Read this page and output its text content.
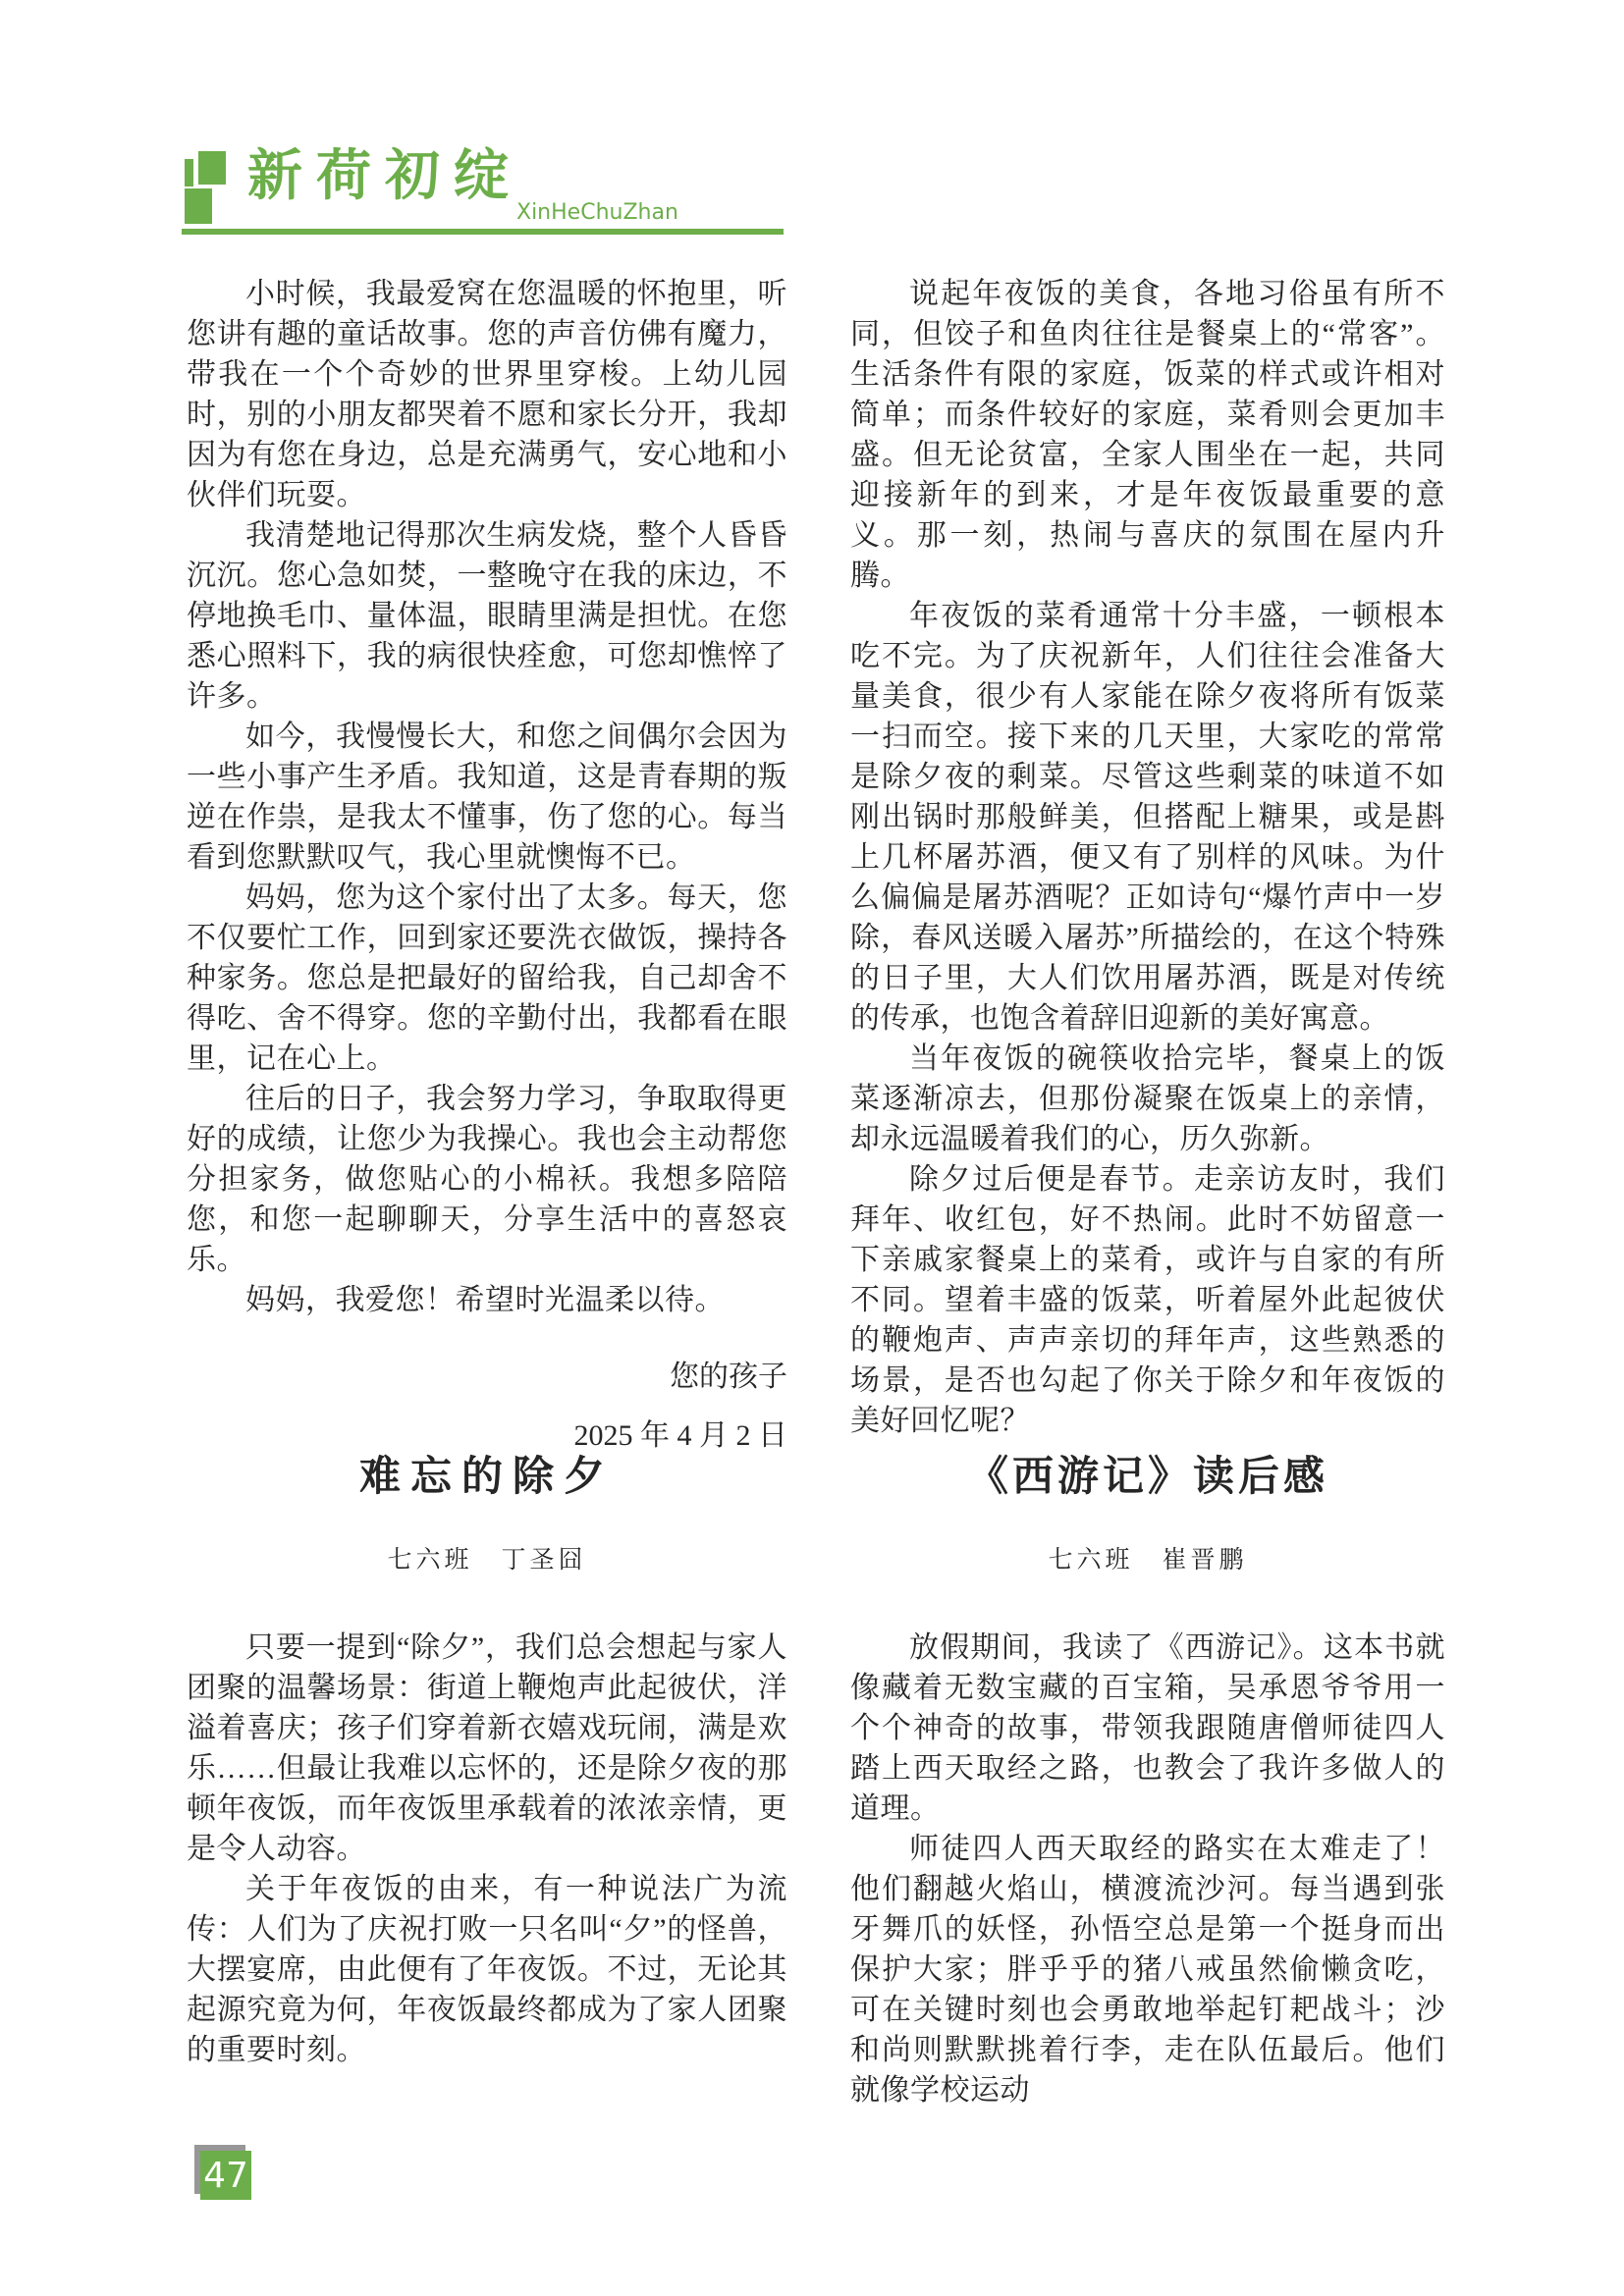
新荷初绽
XinHeChuZhan

小时候，我最爱窝在您温暖的怀抱里，听您讲有趣的童话故事。您的声音仿佛有魔力，带我在一个个奇妙的世界里穿梭。上幼儿园时，别的小朋友都哭着不愿和家长分开，我却因为有您在身边，总是充满勇气，安心地和小伙伴们玩耍。

我清楚地记得那次生病发烧，整个人昏昏沉沉。您心急如焚，一整晚守在我的床边，不停地换毛巾、量体温，眼睛里满是担忧。在您悉心照料下，我的病很快痊愈，可您却憔悴了许多。

如今，我慢慢长大，和您之间偶尔会因为一些小事产生矛盾。我知道，这是青春期的叛逆在作祟，是我太不懂事，伤了您的心。每当看到您默默叹气，我心里就懊悔不已。

妈妈，您为这个家付出了太多。每天，您不仅要忙工作，回到家还要洗衣做饭，操持各种家务。您总是把最好的留给我，自己却舍不得吃、舍不得穿。您的辛勤付出，我都看在眼里，记在心上。

往后的日子，我会努力学习，争取取得更好的成绩，让您少为我操心。我也会主动帮您分担家务，做您贴心的小棉袄。我想多陪陪您，和您一起聊聊天，分享生活中的喜怒哀乐。

妈妈，我爱您！希望时光温柔以待。

您的孩子
2025 年 4 月 2 日

说起年夜饭的美食，各地习俗虽有所不同，但饺子和鱼肉往往是餐桌上的“常客”。生活条件有限的家庭，饭菜的样式或许相对简单；而条件较好的家庭，菜肴则会更加丰盛。但无论贫富，全家人围坐在一起，共同迎接新年的到来，才是年夜饭最重要的意义。那一刻，热闹与喜庆的氛围在屋内升腾。

年夜饭的菜肴通常十分丰盛，一顿根本吃不完。为了庆祝新年，人们往往会准备大量美食，很少有人家能在除夕夜将所有饭菜一扫而空。接下来的几天里，大家吃的常常是除夕夜的剩菜。尽管这些剩菜的味道不如刚出锅时那般鲜美，但搭配上糖果，或是斟上几杯屠苏酒，便又有了别样的风味。为什么偏偏是屠苏酒呢？正如诗句“爆竹声中一岁除，春风送暖入屠苏”所描绘的，在这个特殊的日子里，大人们饮用屠苏酒，既是对传统的传承，也饱含着辞旧迎新的美好寓意。

当年夜饭的碗筷收拾完毕，餐桌上的饭菜逐渐凉去，但那份凝聚在饭桌上的亲情，却永远温暖着我们的心，历久弥新。

除夕过后便是春节。走亲访友时，我们拜年、收红包，好不热闹。此时不妨留意一下亲戚家餐桌上的菜肴，或许与自家的有所不同。望着丰盛的饭菜，听着屋外此起彼伏的鞭炮声、声声亲切的拜年声，这些熟悉的场景，是否也勾起了你关于除夕和年夜饭的美好回忆呢？

难忘的除夕
七六班　丁圣囧

只要一提到“除夕”，我们总会想起与家人团聚的温馨场景：街道上鞭炮声此起彼伏，洋溢着喜庆；孩子们穿着新衣嬉戏玩闹，满是欢乐……但最让我难以忘怀的，还是除夕夜的那顿年夜饭，而年夜饭里承载着的浓浓亲情，更是令人动容。

关于年夜饭的由来，有一种说法广为流传：人们为了庆祝打败一只名叫“夕”的怪兽，大摆宴席，由此便有了年夜饭。不过，无论其起源究竟为何，年夜饭最终都成为了家人团聚的重要时刻。

《西游记》读后感
七六班　崔晋鹏

放假期间，我读了《西游记》。这本书就像藏着无数宝藏的百宝箱，吴承恩爷爷用一个个神奇的故事，带领我跟随唐僧师徒四人踏上西天取经之路，也教会了我许多做人的道理。

师徒四人西天取经的路实在太难走了！他们翻越火焰山，横渡流沙河。每当遇到张牙舞爪的妖怪，孙悟空总是第一个挺身而出保护大家；胖乎乎的猪八戒虽然偷懒贪吃，可在关键时刻也会勇敢地举起钉耙战斗；沙和尚则默默挑着行李，走在队伍最后。他们就像学校运动

47
